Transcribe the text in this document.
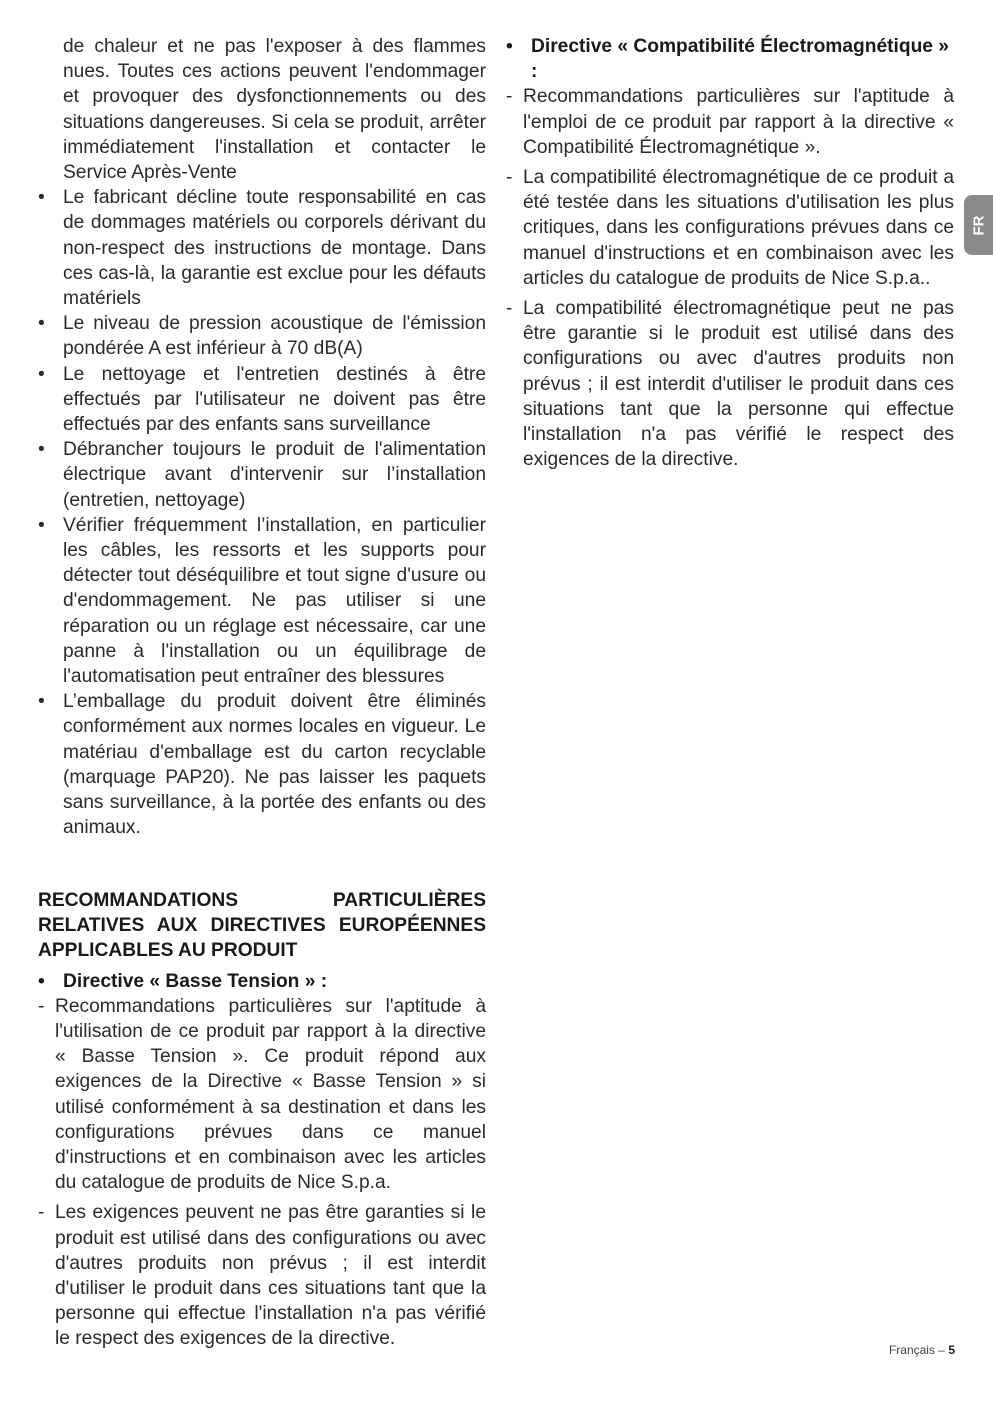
de chaleur et ne pas l'exposer à des flammes nues. Toutes ces actions peuvent l'endommager et provoquer des dysfonctionnements ou des situations dangereuses. Si cela se produit, arrêter immédiatement l'installation et contacter le Service Après-Vente

• Le fabricant décline toute responsabilité en cas de dommages matériels ou corporels dérivant du non-respect des instructions de montage. Dans ces cas-là, la garantie est exclue pour les défauts matériels

• Le niveau de pression acoustique de l'émission pondérée A est inférieur à 70 dB(A)

• Le nettoyage et l'entretien destinés à être effectués par l'utilisateur ne doivent pas être effectués par des enfants sans surveillance

• Débrancher toujours le produit de l'alimentation électrique avant d'intervenir sur l’installation (entretien, nettoyage)

• Vérifier fréquemment l’installation, en particulier les câbles, les ressorts et les supports pour détecter tout déséquilibre et tout signe d'usure ou d'endommagement. Ne pas utiliser si une réparation ou un réglage est nécessaire, car une panne à l'installation ou un équilibrage de l'automatisation peut entraîner des blessures

• L’emballage du produit doivent être éliminés conformément aux normes locales en vigueur. Le matériau d'emballage est du carton recyclable (marquage PAP20). Ne pas laisser les paquets sans surveillance, à la portée des enfants ou des animaux.

RECOMMANDATIONS PARTICULIÈRES RELATIVES AUX DIRECTIVES EUROPÉENNES APPLICABLES AU PRODUIT

• Directive « Basse Tension » :

- Recommandations particulières sur l'aptitude à l'utilisation de ce produit par rapport à la directive « Basse Tension ». Ce produit répond aux exigences de la Directive « Basse Tension » si utilisé conformément à sa destination et dans les configurations prévues dans ce manuel d'instructions et en combinaison avec les articles du catalogue de produits de Nice S.p.a.

- Les exigences peuvent ne pas être garanties si le produit est utilisé dans des configurations ou avec d'autres produits non prévus ; il est interdit d'utiliser le produit dans ces situations tant que la personne qui effectue l'installation n'a pas vérifié le respect des exigences de la directive.

• Directive « Compatibilité Électromagnétique » :

- Recommandations particulières sur l'aptitude à l'emploi de ce produit par rapport à la directive « Compatibilité Électromagnétique ».

- La compatibilité électromagnétique de ce produit a été testée dans les situations d'utilisation les plus critiques, dans les configurations prévues dans ce manuel d'instructions et en combinaison avec les articles du catalogue de produits de Nice S.p.a..

- La compatibilité électromagnétique peut ne pas être garantie si le produit est utilisé dans des configurations ou avec d'autres produits non prévus ; il est interdit d'utiliser le produit dans ces situations tant que la personne qui effectue l'installation n'a pas vérifié le respect des exigences de la directive.

FR
Français – 5
